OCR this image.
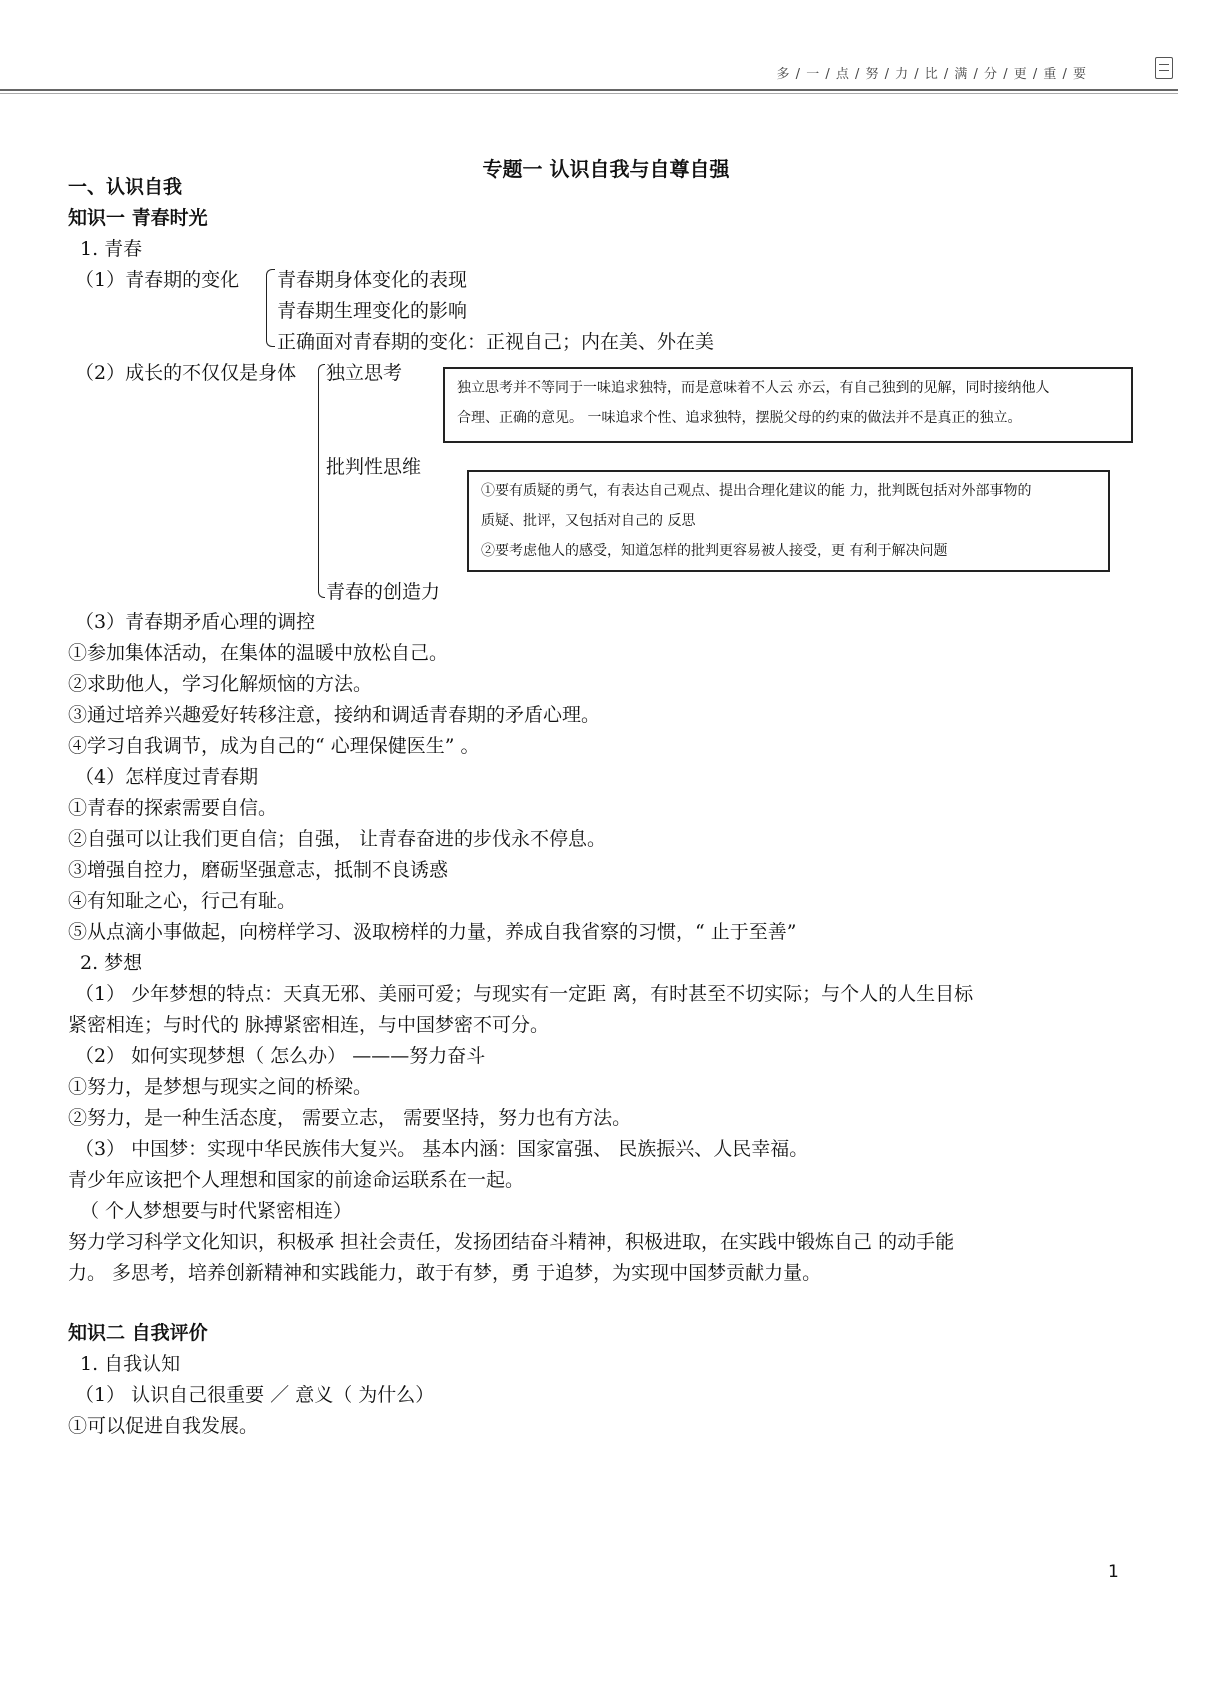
多 / 一 / 点 / 努 / 力 / 比 / 满 / 分 / 更 / 重 / 要
专题一 认识自我与自尊自强
一、认识自我
知识一 青春时光
1. 青春
（1）青春期的变化 青春期身体变化的表现
青春期生理变化的影响
正确面对青春期的变化：正视自己；内在美、外在美
（2）成长的不仅仅是身体 独立思考
批判性思维
青春的创造力
独立思考并不等同于一味追求独特，而是意味着不人云 亦云，有自己独到的见解，同时接纳他人
合理、正确的意见。 一味追求个性、追求独特，摆脱父母的约束的做法并不是真正的独立。
①要有质疑的勇气，有表达自己观点、提出合理化建议的能 力，批判既包括对外部事物的
质疑、批评，又包括对自己的 反思
②要考虑他人的感受，知道怎样的批判更容易被人接受，更 有利于解决问题
（3）青春期矛盾心理的调控
①参加集体活动，在集体的温暖中放松自己。
②求助他人，学习化解烦恼的方法。
③通过培养兴趣爱好转移注意，接纳和调适青春期的矛盾心理。
④学习自我调节，成为自己的“ 心理保健医生” 。
（4）怎样度过青春期
①青春的探索需要自信。
②自强可以让我们更自信；自强， 让青春奋进的步伐永不停息。
③增强自控力，磨砺坚强意志，抵制不良诱惑
④有知耻之心，行己有耻。
⑤从点滴小事做起，向榜样学习、汲取榜样的力量，养成自我省察的习惯，“ 止于至善”
2. 梦想
（1） 少年梦想的特点：天真无邪、美丽可爱；与现实有一定距 离，有时甚至不切实际；与个人的人生目标
紧密相连；与时代的 脉搏紧密相连，与中国梦密不可分。
（2） 如何实现梦想（ 怎么办） ———努力奋斗
①努力，是梦想与现实之间的桥梁。
②努力，是一种生活态度， 需要立志， 需要坚持，努力也有方法。
（3） 中国梦：实现中华民族伟大复兴。 基本内涵：国家富强、 民族振兴、人民幸福。
青少年应该把个人理想和国家的前途命运联系在一起。
（ 个人梦想要与时代紧密相连）
努力学习科学文化知识，积极承 担社会责任，发扬团结奋斗精神，积极进取，在实践中锻炼自己 的动手能
力。 多思考，培养创新精神和实践能力，敢于有梦，勇 于追梦，为实现中国梦贡献力量。
知识二 自我评价
1. 自我认知
（1） 认识自己很重要 ／ 意义（ 为什么）
①可以促进自我发展。
1
